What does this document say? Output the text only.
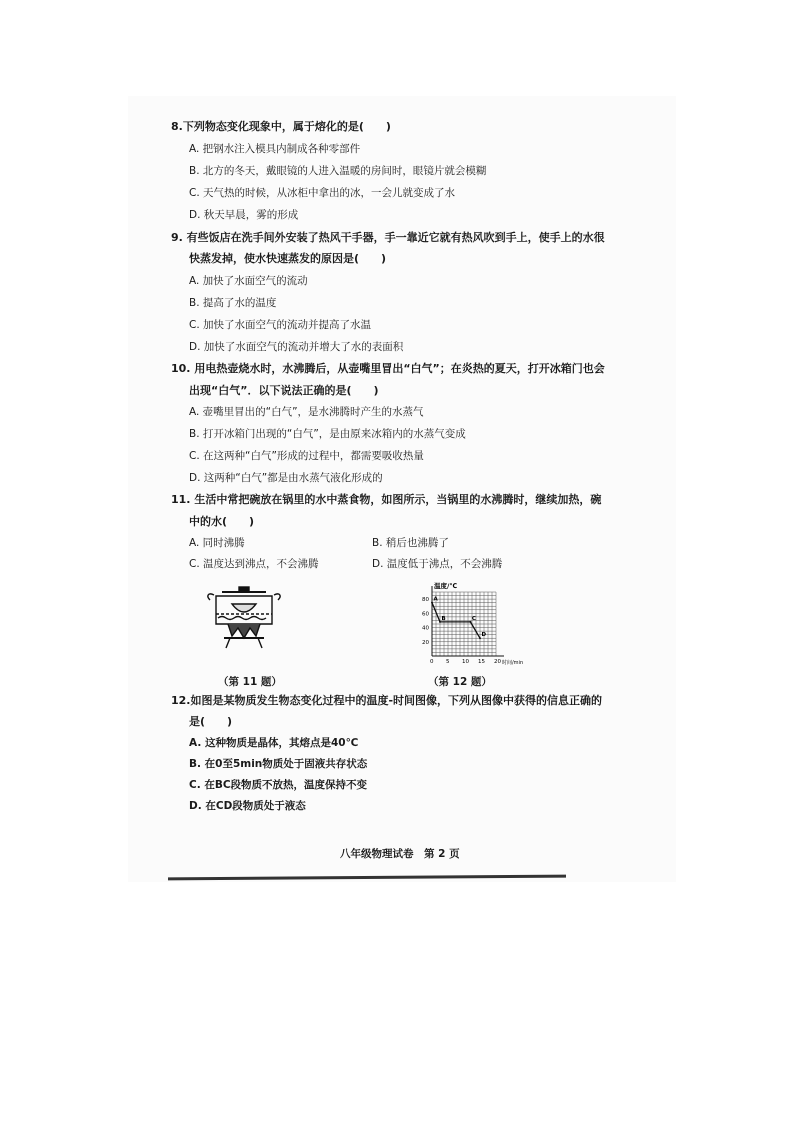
8.下列物态变化现象中，属于熔化的是(　　)
A. 把钢水注入模具内制成各种零部件
B. 北方的冬天，戴眼镜的人进入温暖的房间时，眼镜片就会模糊
C. 天气热的时候，从冰柜中拿出的冰，一会儿就变成了水
D. 秋天早晨，雾的形成
9. 有些饭店在洗手间外安装了热风干手器，手一靠近它就有热风吹到手上，使手上的水很
快蒸发掉，使水快速蒸发的原因是(　　)
A. 加快了水面空气的流动
B. 提高了水的温度
C. 加快了水面空气的流动并提高了水温
D. 加快了水面空气的流动并增大了水的表面积
10. 用电热壶烧水时，水沸腾后，从壶嘴里冒出“白气”；在炎热的夏天，打开冰箱门也会
出现“白气”．以下说法正确的是(　　)
A. 壶嘴里冒出的“白气”，是水沸腾时产生的水蒸气
B. 打开冰箱门出现的“白气”，是由原来冰箱内的水蒸气变成
C. 在这两种“白气”形成的过程中，都需要吸收热量
D. 这两种“白气”都是由水蒸气液化形成的
11. 生活中常把碗放在锅里的水中蒸食物，如图所示，当锅里的水沸腾时，继续加热，碗
中的水(　　)
A. 同时沸腾	B. 稍后也沸腾了
C. 温度达到沸点，不会沸腾	D. 温度低于沸点，不会沸腾
（第 11 题）
0 5 10 15 20
20
40
60
80 A
B	C
D
温度/℃
时间/min
（第 12 题）
12.如图是某物质发生物态变化过程中的温度-时间图像，下列从图像中获得的信息正确的
是(　　)
A. 这种物质是晶体，其熔点是40℃
B. 在0至5min物质处于固液共存状态
C. 在BC段物质不放热，温度保持不变
D. 在CD段物质处于液态
八年级物理试卷　第 2 页
